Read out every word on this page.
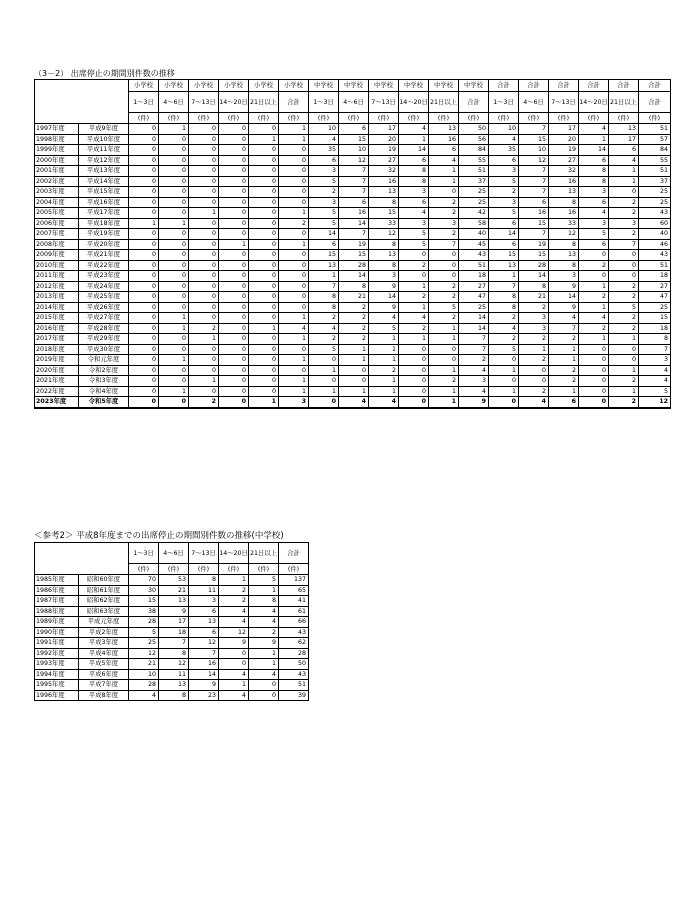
（3－2） 出席停止の期間別件数の推移
		小学校	小学校	小学校	小学校	小学校	小学校	中学校	中学校	中学校	中学校	中学校	中学校	合計	合計	合計	合計	合計	合計
		1～3日	4～6日	7～13日	14～20日	21日以上	合計	1～3日	4～6日	7～13日	14～20日	21日以上	合計	1～3日	4～6日	7～13日	14～20日	21日以上	合計
		(件)	(件)	(件)	(件)	(件)	(件)	(件)	(件)	(件)	(件)	(件)	(件)	(件)	(件)	(件)	(件)	(件)	(件)
1997年度	平成9年度	0	1	0	0	0	1	10	6	17	4	13	50	10	7	17	4	13	51
1998年度	平成10年度	0	0	0	0	1	1	4	15	20	1	16	56	4	15	20	1	17	57
1999年度	平成11年度	0	0	0	0	0	0	35	10	19	14	6	84	35	10	19	14	6	84
2000年度	平成12年度	0	0	0	0	0	0	6	12	27	6	4	55	6	12	27	6	4	55
2001年度	平成13年度	0	0	0	0	0	0	3	7	32	8	1	51	3	7	32	8	1	51
2002年度	平成14年度	0	0	0	0	0	0	5	7	16	8	1	37	5	7	16	8	1	37
2003年度	平成15年度	0	0	0	0	0	0	2	7	13	3	0	25	2	7	13	3	0	25
2004年度	平成16年度	0	0	0	0	0	0	3	6	8	6	2	25	3	6	8	6	2	25
2005年度	平成17年度	0	0	1	0	0	1	5	16	15	4	2	42	5	16	16	4	2	43
2006年度	平成18年度	1	1	0	0	0	2	5	14	33	3	3	58	6	15	33	3	3	60
2007年度	平成19年度	0	0	0	0	0	0	14	7	12	5	2	40	14	7	12	5	2	40
2008年度	平成20年度	0	0	0	1	0	1	6	19	8	5	7	45	6	19	8	6	7	46
2009年度	平成21年度	0	0	0	0	0	0	15	15	13	0	0	43	15	15	13	0	0	43
2010年度	平成22年度	0	0	0	0	0	0	13	28	8	2	0	51	13	28	8	2	0	51
2011年度	平成23年度	0	0	0	0	0	0	1	14	3	0	0	18	1	14	3	0	0	18
2012年度	平成24年度	0	0	0	0	0	0	7	8	9	1	2	27	7	8	9	1	2	27
2013年度	平成25年度	0	0	0	0	0	0	8	21	14	2	2	47	8	21	14	2	2	47
2014年度	平成26年度	0	0	0	0	0	0	8	2	9	1	5	25	8	2	9	1	5	25
2015年度	平成27年度	0	1	0	0	0	1	2	2	4	4	2	14	2	3	4	4	2	15
2016年度	平成28年度	0	1	2	0	1	4	4	2	5	2	1	14	4	3	7	2	2	18
2017年度	平成29年度	0	0	1	0	0	1	2	2	1	1	1	7	2	2	2	1	1	8
2018年度	平成30年度	0	0	0	0	0	0	5	1	1	0	0	7	5	1	1	0	0	7
2019年度	令和元年度	0	1	0	0	0	1	0	1	1	0	0	2	0	2	1	0	0	3
2020年度	令和2年度	0	0	0	0	0	0	1	0	2	0	1	4	1	0	2	0	1	4
2021年度	令和3年度	0	0	1	0	0	1	0	0	1	0	2	3	0	0	2	0	2	4
2022年度	令和4年度	0	1	0	0	0	1	1	1	1	0	1	4	1	2	1	0	1	5
2023年度	令和5年度	0	0	2	0	1	3	0	4	4	0	1	9	0	4	6	0	2	12
＜参考2＞ 平成8年度までの出席停止の期間別件数の推移(中学校)
		1～3日	4～6日	7～13日	14～20日	21日以上	合計
		(件)	(件)	(件)	(件)	(件)	(件)
1985年度	昭和60年度	70	53	8	1	5	137
1986年度	昭和61年度	30	21	11	2	1	65
1987年度	昭和62年度	15	13	3	2	8	41
1988年度	昭和63年度	38	9	6	4	4	61
1989年度	平成元年度	28	17	13	4	4	66
1990年度	平成2年度	5	18	6	12	2	43
1991年度	平成3年度	25	7	12	9	9	62
1992年度	平成4年度	12	8	7	0	1	28
1993年度	平成5年度	21	12	16	0	1	50
1994年度	平成6年度	10	11	14	4	4	43
1995年度	平成7年度	28	13	9	1	0	51
1996年度	平成8年度	4	8	23	4	0	39
